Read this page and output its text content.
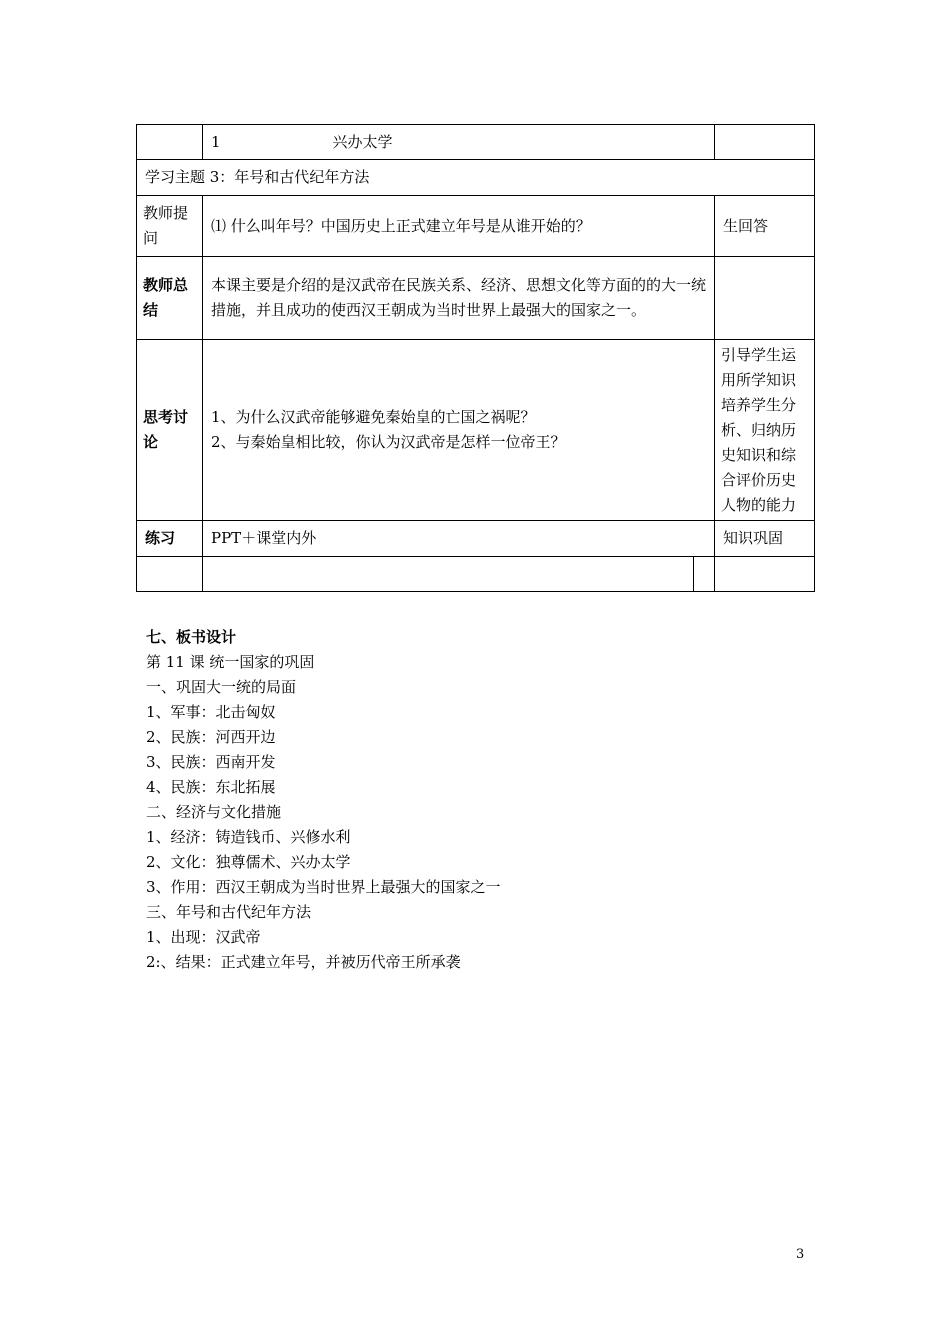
	1 兴办太学	
学习主题 3：年号和古代纪年方法		
教师提问	⑴ 什么叫年号？中国历史上正式建立年号是从谁开始的？	生回答
教师总结	本课主要是介绍的是汉武帝在民族关系、经济、思想文化等方面的的大一统措施，并且成功的使西汉王朝成为当时世界上最强大的国家之一。	
思考讨论	1、为什么汉武帝能够避免秦始皇的亡国之祸呢？
2、与秦始皇相比较，你认为汉武帝是怎样一位帝王？	引导学生运用所学知识培养学生分析、归纳历史知识和综合评价历史人物的能力
练习	PPT＋课堂内外	知识巩固

七、板书设计
第 11 课 统一国家的巩固
一、巩固大一统的局面
1、军事：北击匈奴
2、民族：河西开边
3、民族：西南开发
4、民族：东北拓展
二、经济与文化措施
1、经济：铸造钱币、兴修水利
2、文化：独尊儒术、兴办太学
3、作用：西汉王朝成为当时世界上最强大的国家之一
三、年号和古代纪年方法
1、出现：汉武帝
2:、结果：正式建立年号，并被历代帝王所承袭
3
